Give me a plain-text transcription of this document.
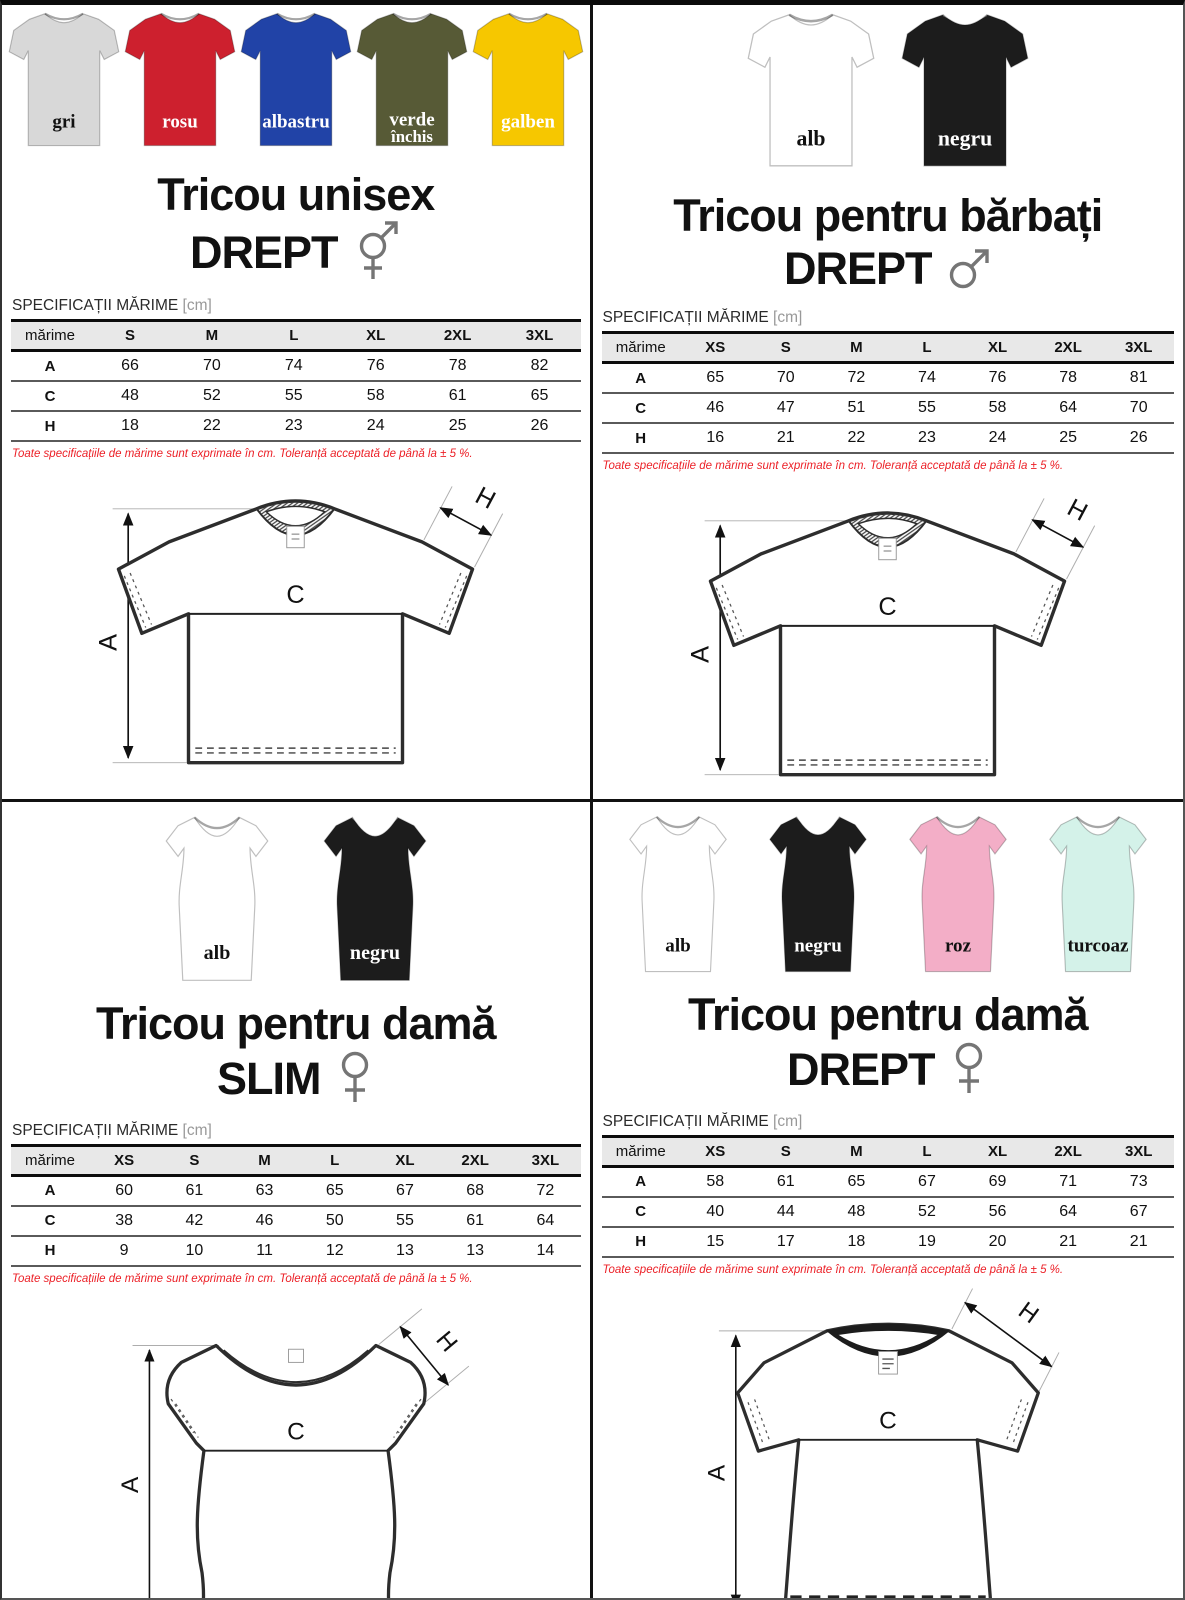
gri	rosu	albastru	verde
închis
galben
Tricou unisex
DREPT
SPECIFICAȚII MĂRIME [cm]
mărime	S	M	L	XL	2XL	3XL
A	66	70	74	76	78	82
C	48	52	55	58	61	65
H	18	22	23	24	25	26
Toate specificațiile de mărime sunt exprimate în cm. Toleranță acceptată de până la ± 5 %.
A
H
C
alb	negru
Tricou pentru bărbați
DREPT
SPECIFICAȚII MĂRIME [cm]
mărime	XS	S	M	L	XL	2XL	3XL
A	65	70	72	74	76	78	81
C	46	47	51	55	58	64	70
H	16	21	22	23	24	25	26
Toate specificațiile de mărime sunt exprimate în cm. Toleranță acceptată de până la ± 5 %.
A
H
C
alb	negru
Tricou pentru damă
SLIM
SPECIFICAȚII MĂRIME [cm]
mărime	XS	S	M	L	XL	2XL	3XL
A	60	61	63	65	67	68	72
C	38	42	46	50	55	61	64
H	9	10	11	12	13	13	14
Toate specificațiile de mărime sunt exprimate în cm. Toleranță acceptată de până la ± 5 %.
A
H
C
alb	negru	roz	turcoaz
Tricou pentru damă
DREPT
SPECIFICAȚII MĂRIME [cm]
mărime	XS	S	M	L	XL	2XL	3XL
A	58	61	65	67	69	71	73
C	40	44	48	52	56	64	67
H	15	17	18	19	20	21	21
Toate specificațiile de mărime sunt exprimate în cm. Toleranță acceptată de până la ± 5 %.
A
H
C
